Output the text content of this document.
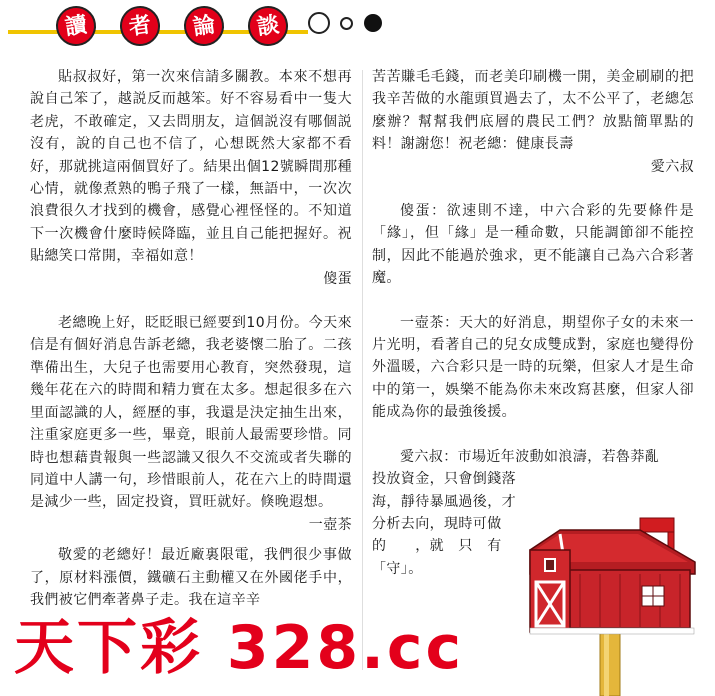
讀	者	論	談

貼叔叔好，第一次來信請多關教。本來不想再說自己笨了，越説反而越笨。好不容易看中一隻大老虎，不敢確定，又去問朋友，這個説沒有哪個説沒有，說的自己也不信了，心想既然大家都不看好，那就挑這兩個買好了。結果出個12號瞬間那種心情，就像煮熟的鴨子飛了一樣，無語中，一次次浪費很久才找到的機會，感覺心裡怪怪的。不知道下一次機會什麼時候降臨，並且自己能把握好。祝貼總笑口常開，幸福如意！

傻蛋

老總晚上好，眨眨眼已經要到10月份。今天來信是有個好消息告訴老總，我老婆懷二胎了。二孩準備出生，大兒子也需要用心教育，突然發現，這幾年花在六的時間和精力實在太多。想起很多在六里面認識的人，經歷的事，我還是決定抽生出來，注重家庭更多一些，畢竟，眼前人最需要珍惜。同時也想藉貴報與一些認識又很久不交流或者失聯的同道中人講一句，珍惜眼前人，花在六上的時間還是減少一些，固定投資，買旺就好。倏晚遐想。

一壺茶

敬愛的老總好！最近廠裏限電，我們很少事做了，原材料漲價，鐵礦石主動權又在外國佬手中，我們被它們牽著鼻子走。我在這辛辛

苦苦賺毛毛錢，而老美印刷機一開，美金刷刷的把我辛苦做的水龍頭買過去了，太不公平了，老總怎麼辦？幫幫我們底層的農民工們？放點簡單點的料！謝謝您！祝老總：健康長壽

愛六叔

傻蛋：欲速則不達，中六合彩的先要條件是「緣」，但「緣」是一種命數，只能調節卻不能控制，因此不能過於強求，更不能讓自己為六合彩著魔。

一壺茶：天大的好消息，期望你子女的未來一片光明，看著自己的兒女成雙成對，家庭也變得份外溫暖，六合彩只是一時的玩樂，但家人才是生命中的第一，娛樂不能為你未來改寫甚麼，但家人卻能成為你的最強後援。

愛六叔：市場近年波動如浪濤，若魯莽亂
投放資金，只會倒錢落
海，靜待暴風過後，才
分析去向，現時可做
的　　，就　只　有
「守」。
天下彩 328.cc
